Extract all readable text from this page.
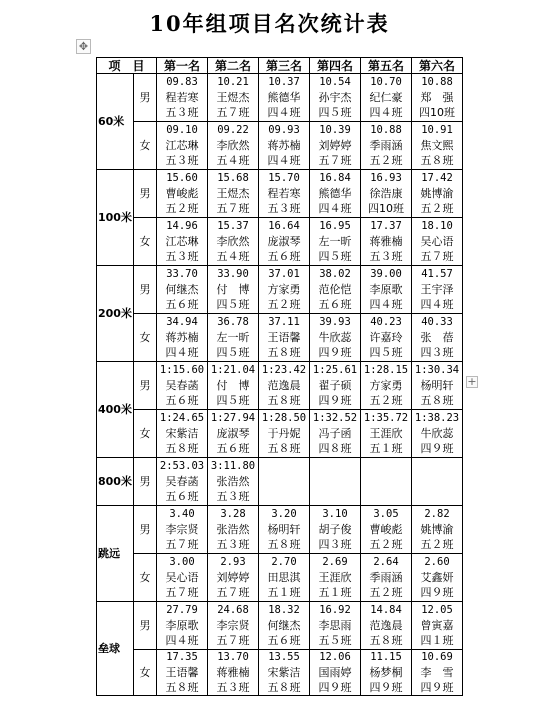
10年组项目名次统计表
✥
+
项　目		第一名	第二名	第三名	第四名	第五名	第六名
60米	男	09.83
程若寒
五３班	10.21
王煜杰
五７班	10.37
熊德华
四４班	10.54
孙宇杰
四５班	10.70
纪仁豪
四４班	10.88
郑　强
四10班

	女	09.10
江芯琳
五３班	09.22
李欣然
五４班	09.93
蒋苏楠
四４班	10.39
刘婷婷
五７班	10.88
季雨涵
五２班	10.91
焦文熙
五８班

100米	男	15.60
曹峻彪
五２班	15.68
王煜杰
五７班	15.70
程若寒
五３班	16.84
熊德华
四４班	16.93
徐浩康
四10班	17.42
姚博渝
五２班

	女	14.96
江芯琳
五３班	15.37
李欣然
五４班	16.64
庞淑琴
五６班	16.95
左一昕
四５班	17.37
蒋雅楠
五３班	18.10
吴心语
五７班

200米	男	33.70
何继杰
五６班	33.90
付　博
四５班	37.01
方家勇
五２班	38.02
范伦恺
五６班	39.00
李原歌
四４班	41.57
王宇泽
四４班

	女	34.94
蒋苏楠
四４班	36.78
左一昕
四５班	37.11
王语馨
五８班	39.93
牛欣蕊
四９班	40.23
许嘉玲
四５班	40.33
张　蓓
四３班

400米	男	1:15.60
吴春菡
五６班	1:21.04
付　博
四５班	1:23.42
范逸晨
五８班	1:25.61
翟子硕
四９班	1:28.15
方家勇
五２班	1:30.34
杨明轩
五８班

	女	1:24.65
宋紫洁
五８班	1:27.94
庞淑琴
五６班	1:28.50
于丹妮
五８班	1:32.52
冯子函
四８班	1:35.72
王涯欣
五１班	1:38.23
牛欣蕊
四９班

800米	男	2:53.03
吴春菡
五６班	3:11.80
张浩然
五３班				

跳远	男	3.40
李宗贤
五７班	3.28
张浩然
五３班	3.20
杨明轩
五８班	3.10
胡子俊
四３班	3.05
曹峻彪
五２班	2.82
姚博渝
五２班

	女	3.00
吴心语
五７班	2.93
刘婷婷
五７班	2.70
田思淇
五１班	2.69
王涯欣
五１班	2.64
季雨涵
五２班	2.60
艾鑫妍
四９班

垒球	男	27.79
李原歌
四４班	24.68
李宗贤
五７班	18.32
何继杰
五６班	16.92
李思雨
五５班	14.84
范逸晨
五８班	12.05
曾寅嘉
四１班

	女	17.35
王语馨
五８班	13.70
蒋雅楠
五３班	13.55
宋紫洁
五８班	12.06
国雨婷
四９班	11.15
杨梦桐
四９班	10.69
李　雪
四９班
